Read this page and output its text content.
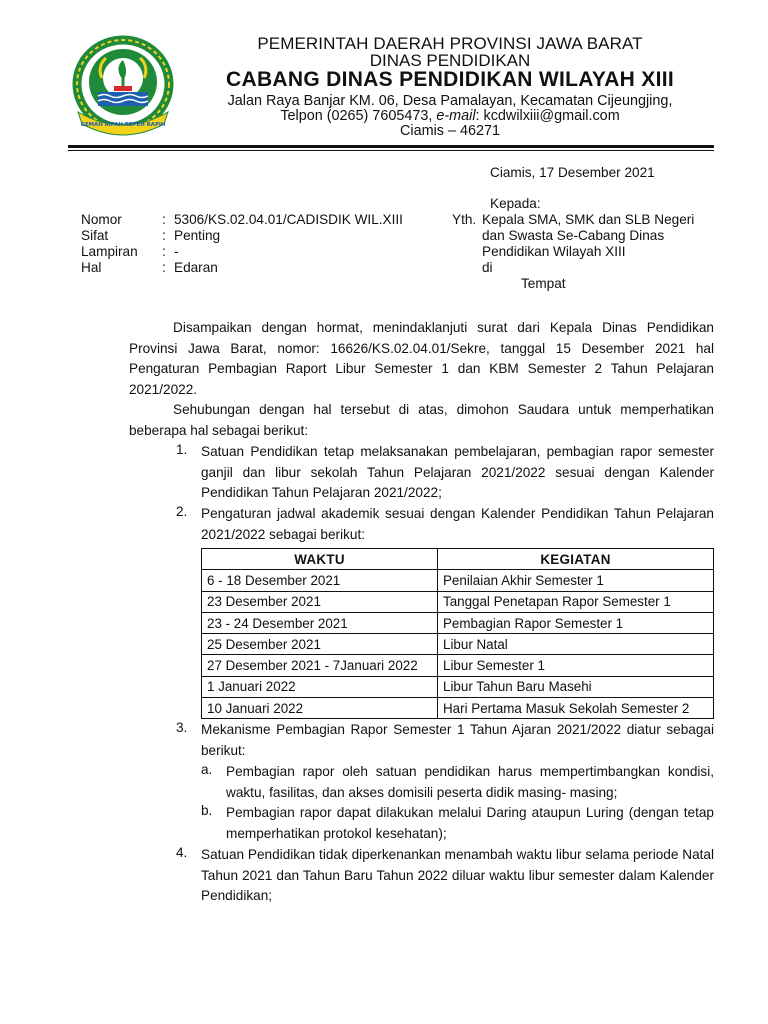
GEMAH RIPAH REPEH RAPIH
PEMERINTAH DAERAH PROVINSI JAWA BARAT
DINAS PENDIDIKAN
CABANG DINAS PENDIDIKAN WILAYAH XIII
Jalan Raya Banjar KM. 06, Desa Pamalayan, Kecamatan Cijeungjing,
Telpon (0265) 7605473, e-mail: kcdwilxiii@gmail.com
Ciamis – 46271
Ciamis, 17 Desember 2021
Kepada:
Yth. Kepala SMA, SMK dan SLB Negeri
dan Swasta Se-Cabang Dinas
Pendidikan Wilayah XIII
di
Tempat
Nomor	: 5306/KS.02.04.01/CADISDIK WIL.XIII
Sifat	: Penting
Lampiran : -
Hal	: Edaran
Disampaikan dengan hormat, menindaklanjuti surat dari Kepala Dinas Pendidikan Provinsi Jawa Barat, nomor: 16626/KS.02.04.01/Sekre, tanggal 15 Desember 2021 hal Pengaturan Pembagian Raport Libur Semester 1 dan KBM Semester 2 Tahun Pelajaran 2021/2022.
Sehubungan dengan hal tersebut di atas, dimohon Saudara untuk memperhatikan beberapa hal sebagai berikut:
1. Satuan Pendidikan tetap melaksanakan pembelajaran, pembagian rapor semester ganjil dan libur sekolah Tahun Pelajaran 2021/2022 sesuai dengan Kalender Pendidikan Tahun Pelajaran 2021/2022;
2. Pengaturan jadwal akademik sesuai dengan Kalender Pendidikan Tahun Pelajaran 2021/2022 sebagai berikut:
WAKTU	KEGIATAN
6 - 18 Desember 2021	Penilaian Akhir Semester 1
23 Desember 2021	Tanggal Penetapan Rapor Semester 1
23 - 24 Desember 2021	Pembagian Rapor Semester 1
25 Desember 2021	Libur Natal
27 Desember 2021 - 7Januari 2022	Libur Semester 1
1 Januari 2022	Libur Tahun Baru Masehi
10 Januari 2022	Hari Pertama Masuk Sekolah Semester 2
3. Mekanisme Pembagian Rapor Semester 1 Tahun Ajaran 2021/2022 diatur sebagai berikut:
a. Pembagian rapor oleh satuan pendidikan harus mempertimbangkan kondisi, waktu, fasilitas, dan akses domisili peserta didik masing- masing;
b. Pembagian rapor dapat dilakukan melalui Daring ataupun Luring (dengan tetap memperhatikan protokol kesehatan);
4. Satuan Pendidikan tidak diperkenankan menambah waktu libur selama periode Natal Tahun 2021 dan Tahun Baru Tahun 2022 diluar waktu libur semester dalam Kalender Pendidikan;
